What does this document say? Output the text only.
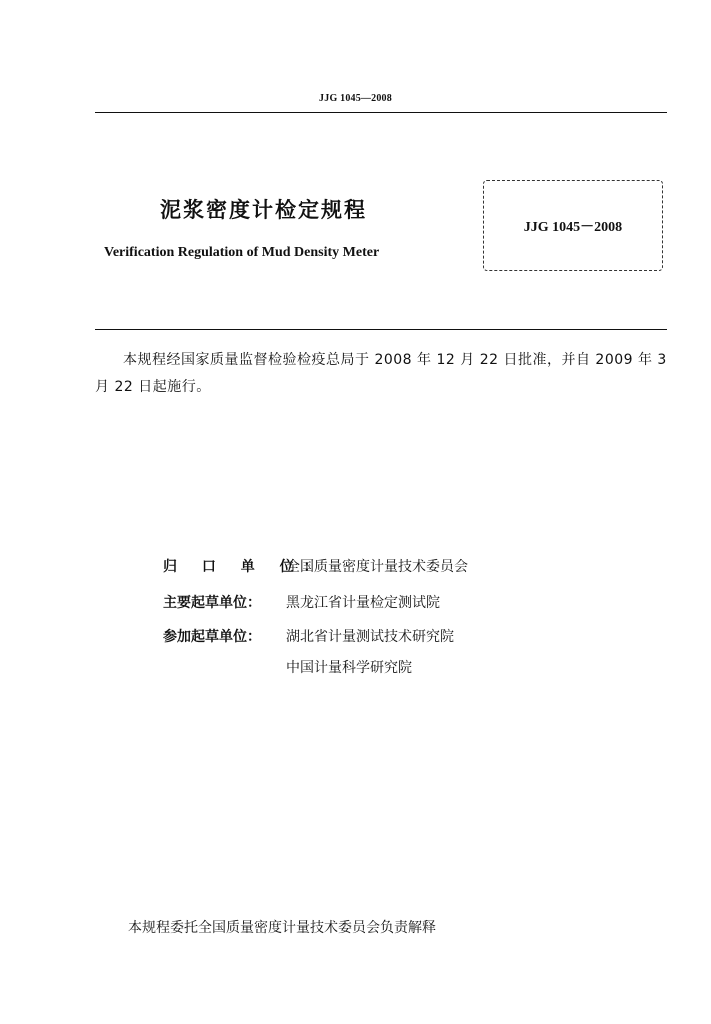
JJG 1045—2008
泥浆密度计检定规程
Verification Regulation of Mud Density Meter
JJG 1045－2008
本规程经国家质量监督检验检疫总局于 2008 年 12 月 22 日批准，并自 2009 年 3 月 22 日起施行。
归 口 单 位：
全国质量密度计量技术委员会
主要起草单位： 黑龙江省计量检定测试院
参加起草单位： 湖北省计量测试技术研究院
中国计量科学研究院
本规程委托全国质量密度计量技术委员会负责解释
